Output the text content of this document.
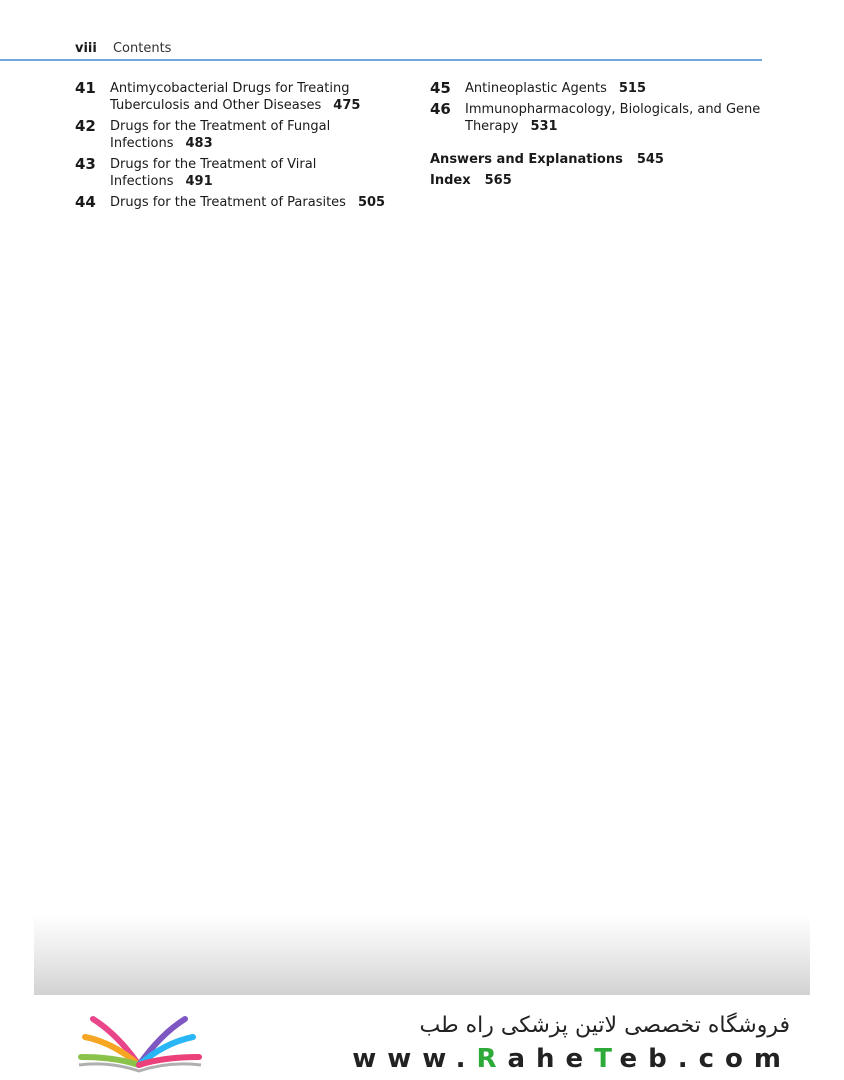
viii Contents
41 Antimycobacterial Drugs for Treating Tuberculosis and Other Diseases 475
42 Drugs for the Treatment of Fungal Infections 483
43 Drugs for the Treatment of Viral Infections 491
44 Drugs for the Treatment of Parasites 505
45 Antineoplastic Agents 515
46 Immunopharmacology, Biologicals, and Gene Therapy 531
Answers and Explanations 545
Index 565
فروشگاه تخصصی لاتین پزشکی راه طب
www.RaheTeb.com
